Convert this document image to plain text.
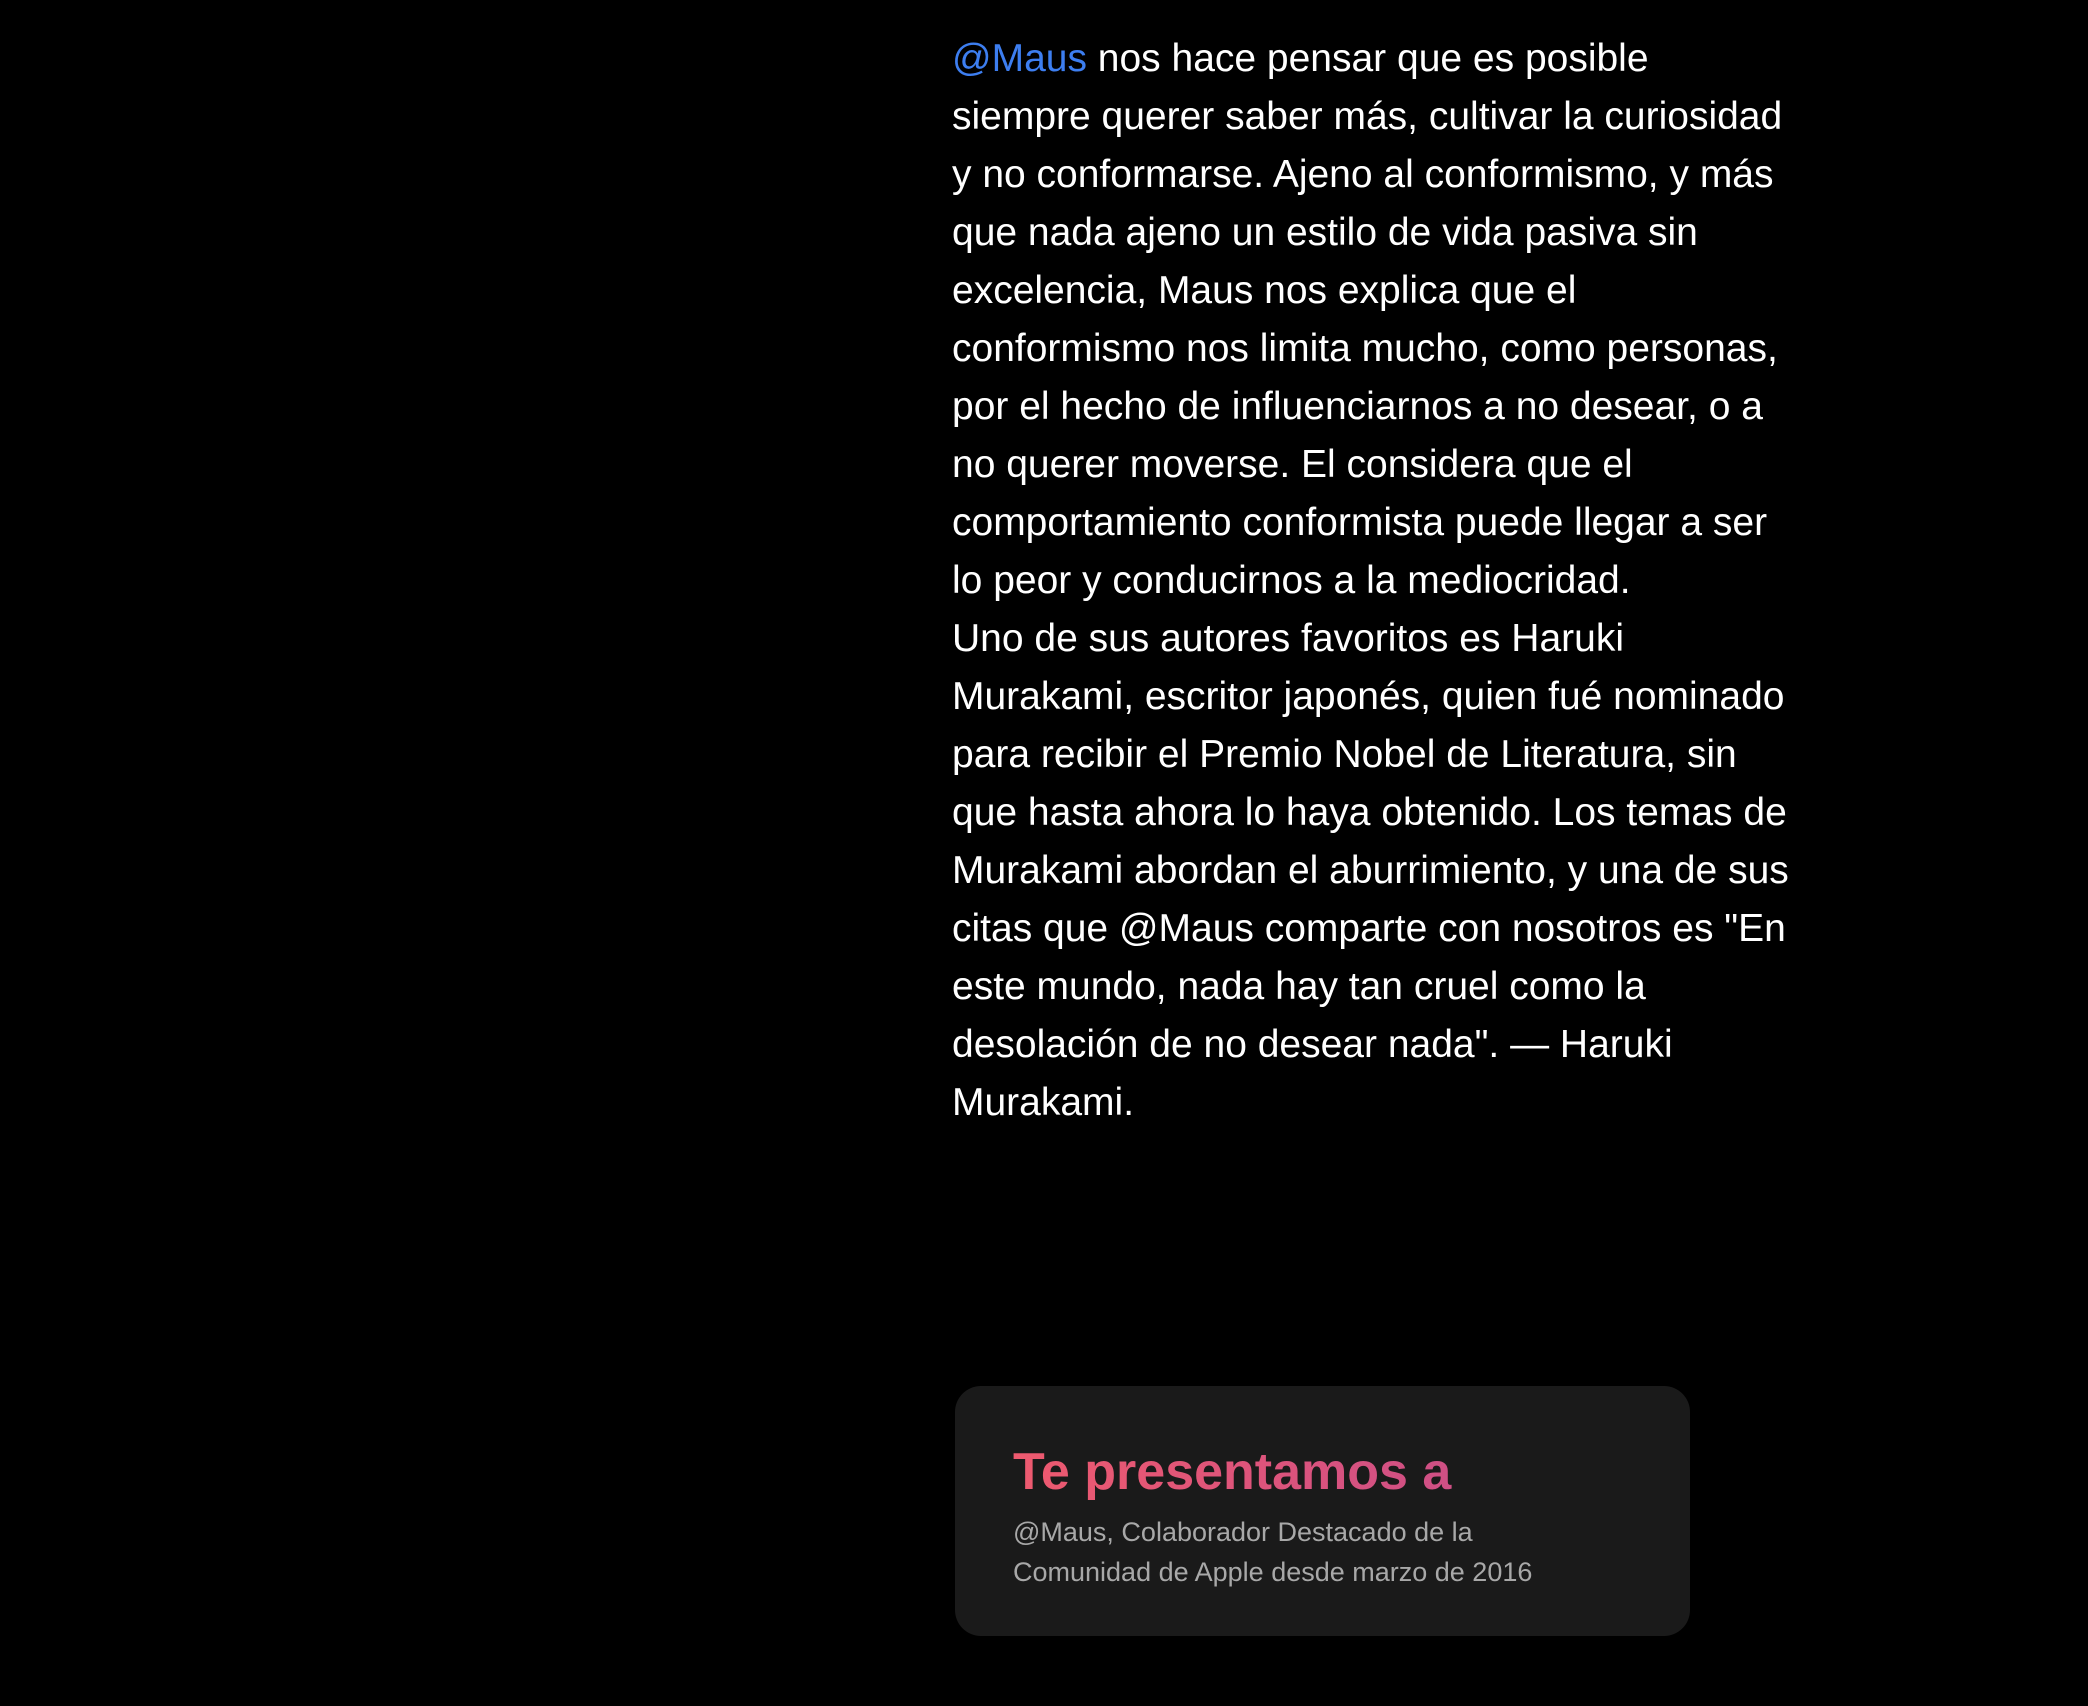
@Maus nos hace pensar que es posible siempre querer saber más, cultivar la curiosidad y no conformarse. Ajeno al conformismo, y más que nada ajeno un estilo de vida pasiva sin excelencia, Maus nos explica que el conformismo nos limita mucho, como personas, por el hecho de influenciarnos a no desear, o a no querer moverse. El considera que el comportamiento conformista puede llegar a ser lo peor y conducirnos a la mediocridad.

Uno de sus autores favoritos es Haruki Murakami, escritor japonés, quien fué nominado para recibir el Premio Nobel de Literatura, sin que hasta ahora lo haya obtenido. Los temas de Murakami abordan el aburrimiento, y una de sus citas que @Maus comparte con nosotros es "En este mundo, nada hay tan cruel como la desolación de no desear nada". — Haruki Murakami.

Te presentamos a

@Maus, Colaborador Destacado de la Comunidad de Apple desde marzo de 2016
